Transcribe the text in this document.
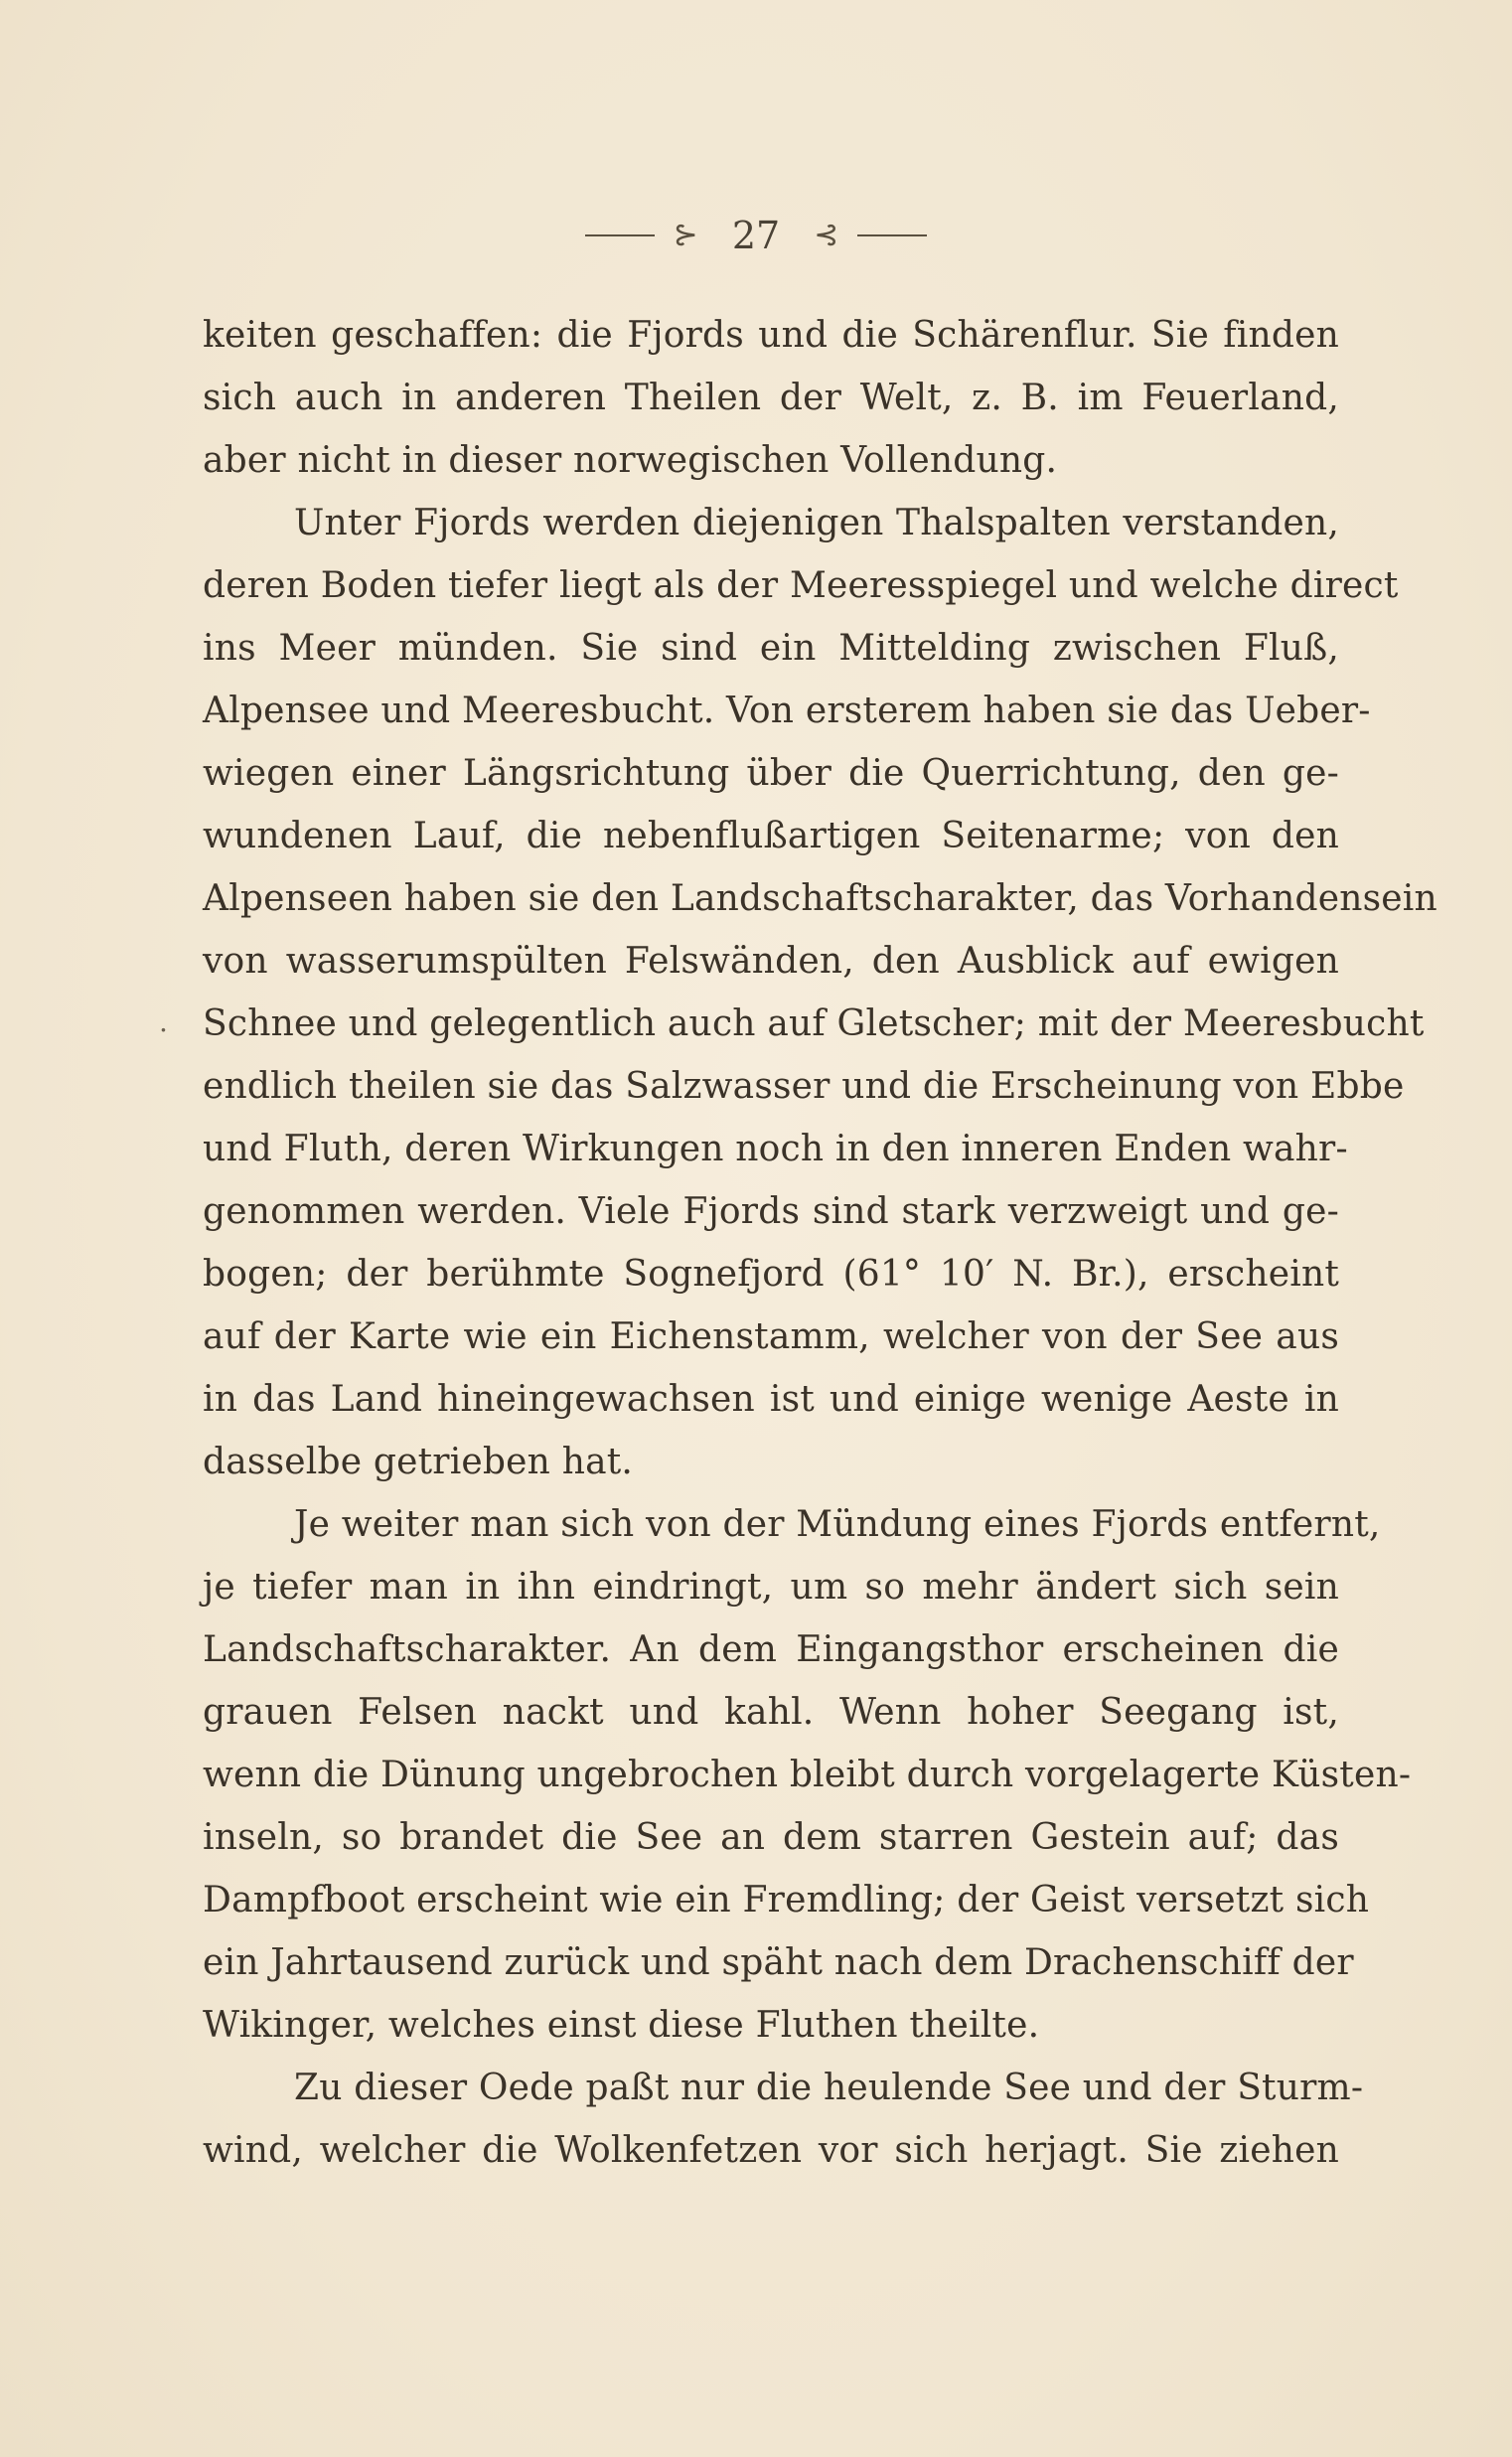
⊱ 27 ⊰
.
keiten geschaffen: die Fjords und die Schärenflur. Sie finden
sich auch in anderen Theilen der Welt, z. B. im Feuerland,
aber nicht in dieser norwegischen Vollendung.
Unter Fjords werden diejenigen Thalspalten verstanden,
deren Boden tiefer liegt als der Meeresspiegel und welche direct
ins Meer münden. Sie sind ein Mittelding zwischen Fluß,
Alpensee und Meeresbucht. Von ersterem haben sie das Ueber-
wiegen einer Längsrichtung über die Querrichtung, den ge-
wundenen Lauf, die nebenflußartigen Seitenarme; von den
Alpenseen haben sie den Landschaftscharakter, das Vorhandensein
von wasserumspülten Felswänden, den Ausblick auf ewigen
Schnee und gelegentlich auch auf Gletscher; mit der Meeresbucht
endlich theilen sie das Salzwasser und die Erscheinung von Ebbe
und Fluth, deren Wirkungen noch in den inneren Enden wahr-
genommen werden. Viele Fjords sind stark verzweigt und ge-
bogen; der berühmte Sognefjord (61° 10′ N. Br.), erscheint
auf der Karte wie ein Eichenstamm, welcher von der See aus
in das Land hineingewachsen ist und einige wenige Aeste in
dasselbe getrieben hat.
Je weiter man sich von der Mündung eines Fjords entfernt,
je tiefer man in ihn eindringt, um so mehr ändert sich sein
Landschaftscharakter. An dem Eingangsthor erscheinen die
grauen Felsen nackt und kahl. Wenn hoher Seegang ist,
wenn die Dünung ungebrochen bleibt durch vorgelagerte Küsten-
inseln, so brandet die See an dem starren Gestein auf; das
Dampfboot erscheint wie ein Fremdling; der Geist versetzt sich
ein Jahrtausend zurück und späht nach dem Drachenschiff der
Wikinger, welches einst diese Fluthen theilte.
Zu dieser Oede paßt nur die heulende See und der Sturm-
wind, welcher die Wolkenfetzen vor sich herjagt. Sie ziehen
